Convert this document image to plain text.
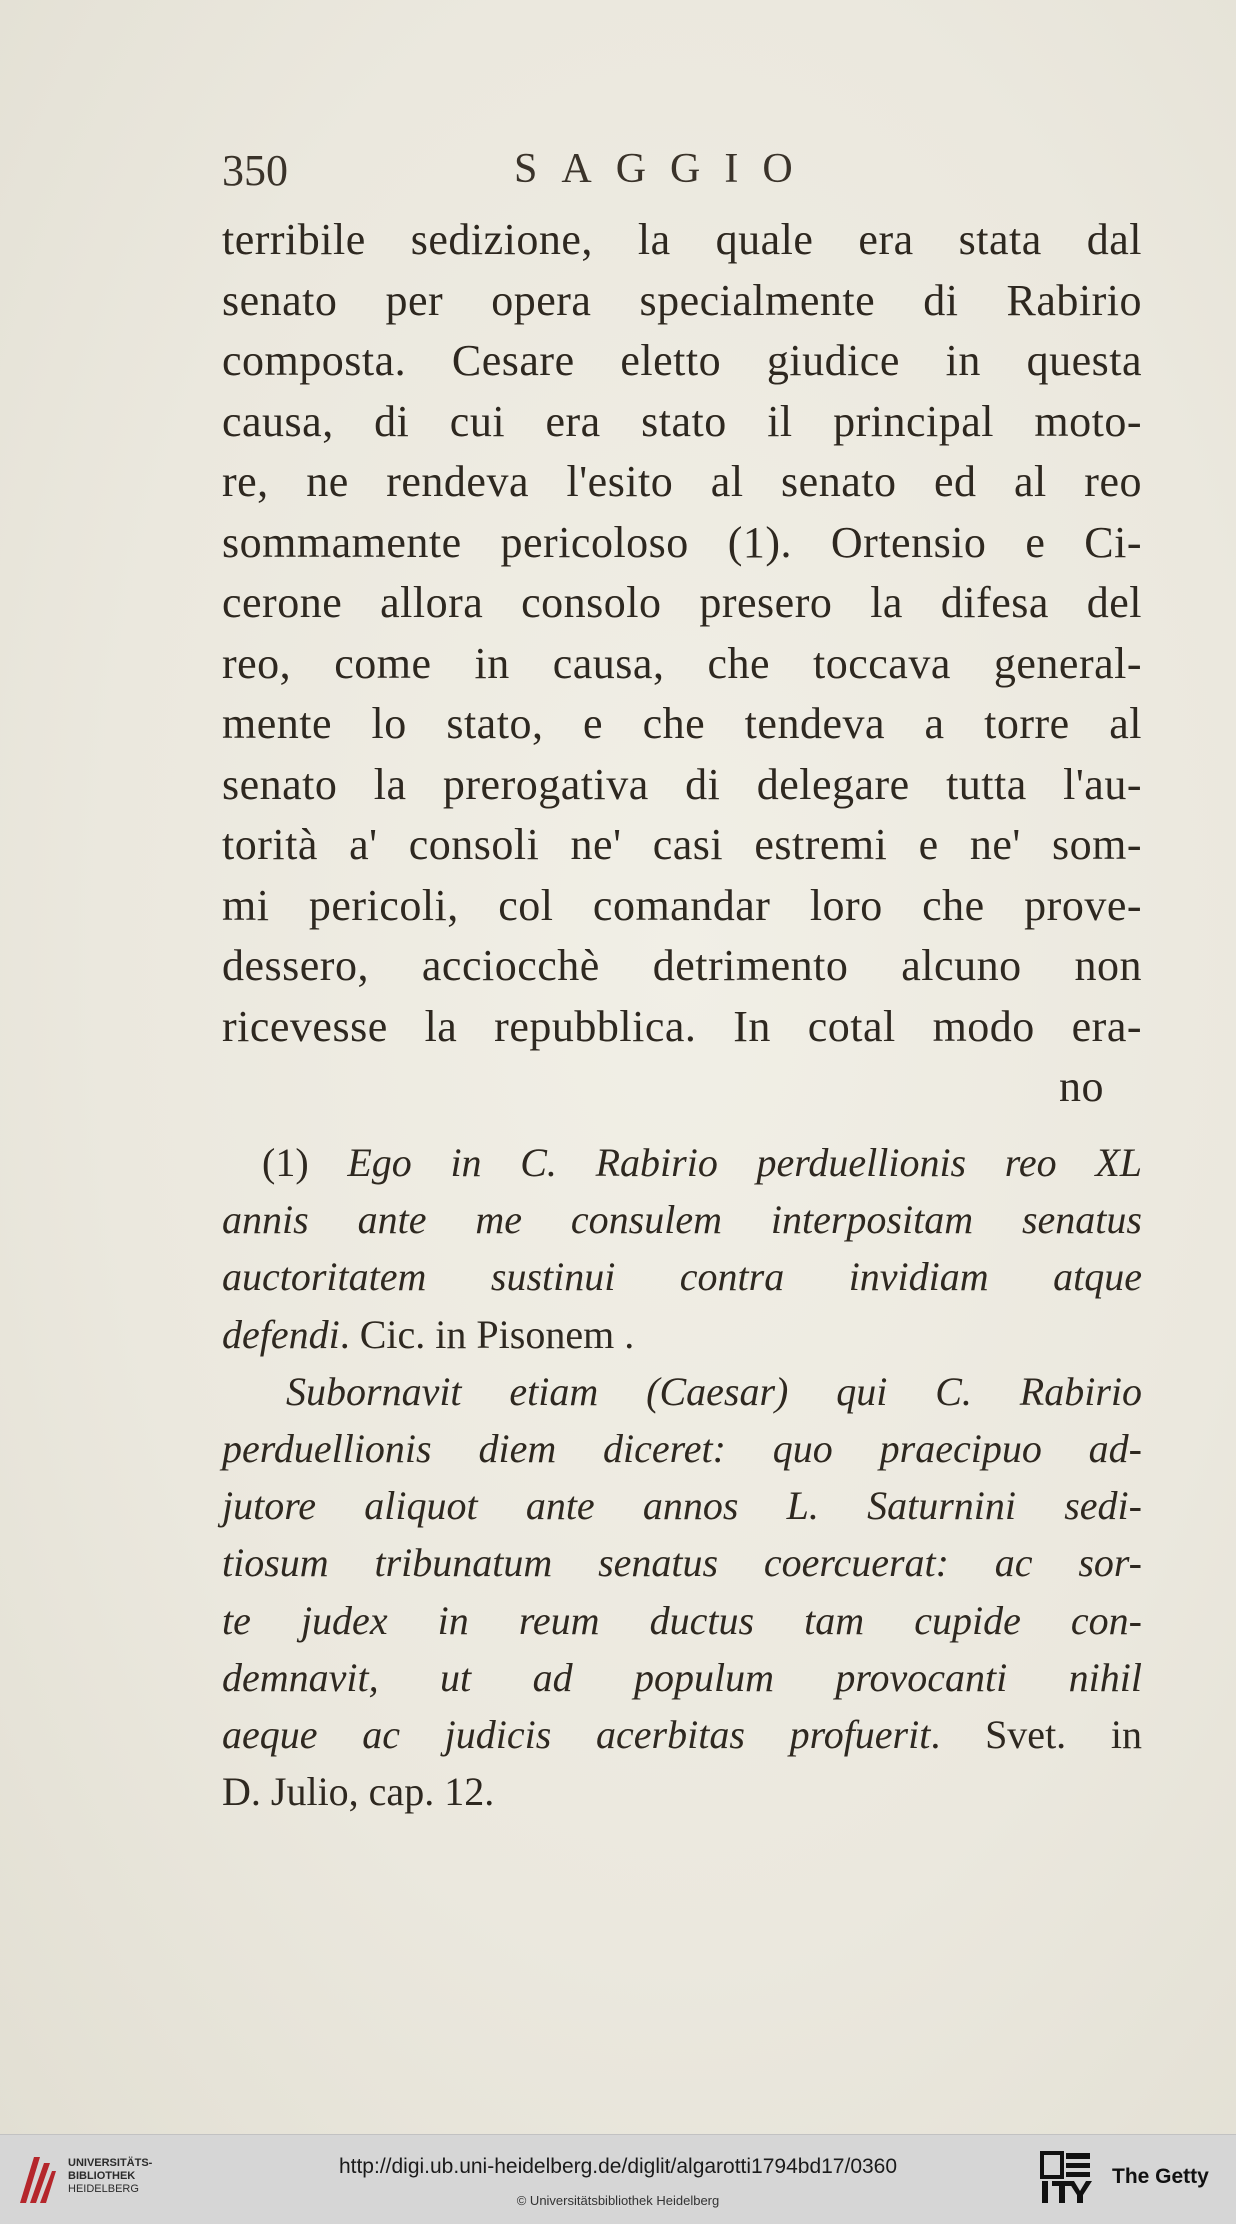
350	SAGGIO
terribile sedizione, la quale era stata dal
senato per opera specialmente di Rabirio
composta. Cesare eletto giudice in questa
causa, di cui era stato il principal moto-
re, ne rendeva l'esito al senato ed al reo
sommamente pericoloso (1). Ortensio e Ci-
cerone allora consolo presero la difesa del
reo, come in causa, che toccava general-
mente lo stato, e che tendeva a torre al
senato la prerogativa di delegare tutta l'au-
torità a' consoli ne' casi estremi e ne' som-
mi pericoli, col comandar loro che prove-
dessero, acciocchè detrimento alcuno non
ricevesse la repubblica. In cotal modo era-
no
(1) Ego in C. Rabirio perduellionis reo XL
annis ante me consulem interpositam senatus
auctoritatem sustinui contra invidiam atque
defendi. Cic. in Pisonem .
Subornavit etiam (Caesar) qui C. Rabirio
perduellionis diem diceret: quo praecipuo ad-
jutore aliquot ante annos L. Saturnini sedi-
tiosum tribunatum senatus coercuerat: ac sor-
te judex in reum ductus tam cupide con-
demnavit, ut ad populum provocanti nihil
aeque ac judicis acerbitas profuerit. Svet. in
D. Julio, cap. 12.
UNIVERSITÄTS-
BIBLIOTHEK
HEIDELBERG
http://digi.ub.uni-heidelberg.de/diglit/algarotti1794bd17/0360
© Universitätsbibliothek Heidelberg
The Getty
